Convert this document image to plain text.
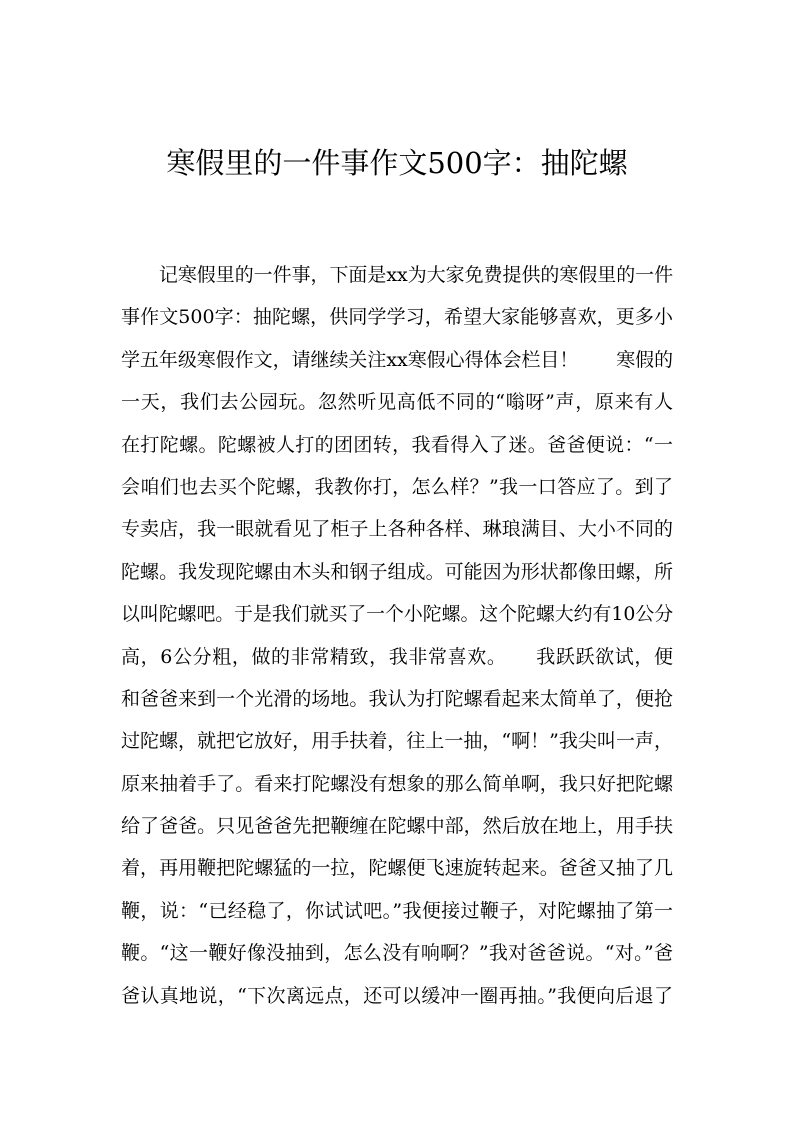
寒假里的一件事作文500字：抽陀螺
　　记寒假里的一件事，下面是xx为大家免费提供的寒假里的一件
事作文500字：抽陀螺，供同学学习，希望大家能够喜欢，更多小
学五年级寒假作文，请继续关注xx寒假心得体会栏目！　　寒假的
一天，我们去公园玩。忽然听见高低不同的“嗡呀”声，原来有人
在打陀螺。陀螺被人打的团团转，我看得入了迷。爸爸便说：“一
会咱们也去买个陀螺，我教你打，怎么样？”我一口答应了。到了
专卖店，我一眼就看见了柜子上各种各样、琳琅满目、大小不同的
陀螺。我发现陀螺由木头和钢子组成。可能因为形状都像田螺，所
以叫陀螺吧。于是我们就买了一个小陀螺。这个陀螺大约有10公分
高，6公分粗，做的非常精致，我非常喜欢。　　我跃跃欲试，便
和爸爸来到一个光滑的场地。我认为打陀螺看起来太简单了，便抢
过陀螺，就把它放好，用手扶着，往上一抽，“啊！”我尖叫一声，
原来抽着手了。看来打陀螺没有想象的那么简单啊，我只好把陀螺
给了爸爸。只见爸爸先把鞭缠在陀螺中部，然后放在地上，用手扶
着，再用鞭把陀螺猛的一拉，陀螺便飞速旋转起来。爸爸又抽了几
鞭，说：“已经稳了，你试试吧。”我便接过鞭子，对陀螺抽了第一
鞭。“这一鞭好像没抽到，怎么没有响啊？”我对爸爸说。“对。”爸
爸认真地说，“下次离远点，还可以缓冲一圈再抽。”我便向后退了
